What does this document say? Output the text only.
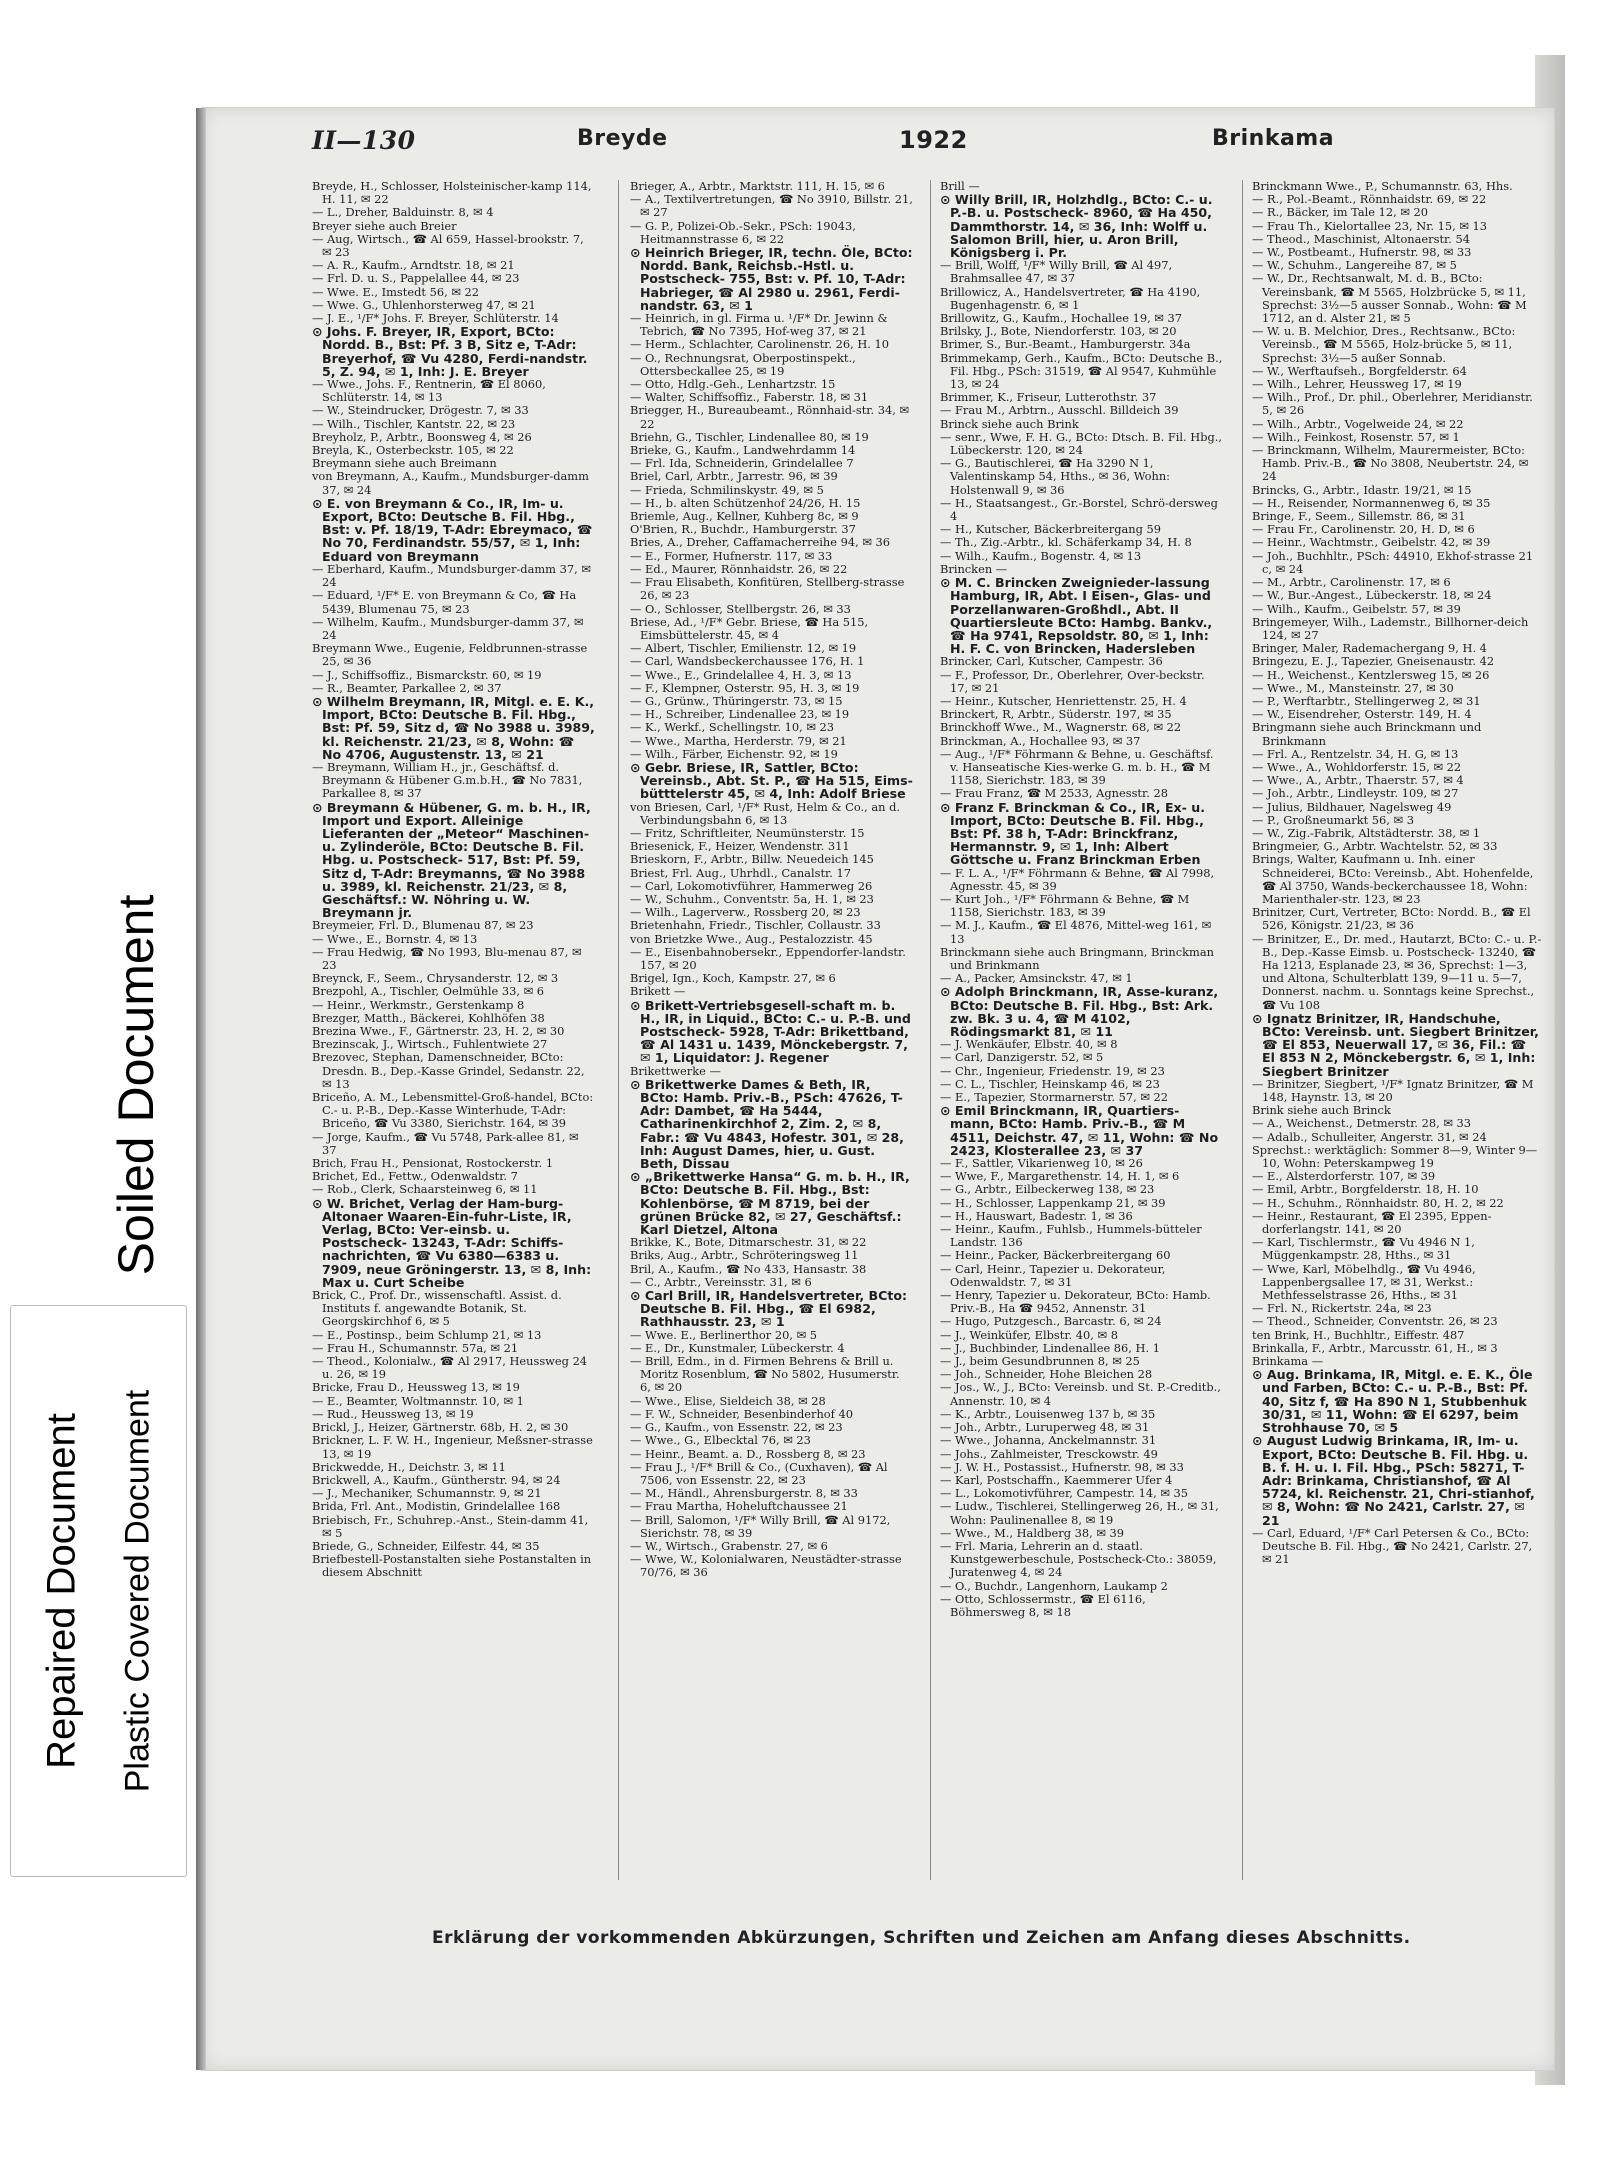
II—130	Breyde	1922	Brinkama

Breyde, H., Schlosser, Holsteinischer-kamp 114, H. 11, ✉ 22

— L., Dreher, Balduinstr. 8, ✉ 4

Breyer siehe auch Breier

— Aug, Wirtsch., ☎ Al 659, Hassel-brookstr. 7, ✉ 23

— A. R., Kaufm., Arndtstr. 18, ✉ 21

— Frl. D. u. S., Pappelallee 44, ✉ 23

— Wwe. E., Imstedt 56, ✉ 22

— Wwe. G., Uhlenhorsterweg 47, ✉ 21

— J. E., ¹/F* Johs. F. Breyer, Schlüterstr. 14

⊙ Johs. F. Breyer, IR, Export, BCto: Nordd. B., Bst: Pf. 3 B, Sitz e, T-Adr: Breyerhof, ☎ Vu 4280, Ferdi-nandstr. 5, Z. 94, ✉ 1, Inh: J. E. Breyer

— Wwe., Johs. F., Rentnerin, ☎ El 8060, Schlüterstr. 14, ✉ 13

— W., Steindrucker, Drögestr. 7, ✉ 33

— Wilh., Tischler, Kantstr. 22, ✉ 23

Breyholz, P., Arbtr., Boonsweg 4, ✉ 26

Breyla, K., Osterbeckstr. 105, ✉ 22

Breymann siehe auch Breimann

von Breymann, A., Kaufm., Mundsburger-damm 37, ✉ 24

⊙ E. von Breymann & Co., IR, Im- u. Export, BCto: Deutsche B. Fil. Hbg., Bst: v. Pf. 18/19, T-Adr: Ebreymaco, ☎ No 70, Ferdinandstr. 55/57, ✉ 1, Inh: Eduard von Breymann

— Eberhard, Kaufm., Mundsburger-damm 37, ✉ 24

— Eduard, ¹/F* E. von Breymann & Co, ☎ Ha 5439, Blumenau 75, ✉ 23

— Wilhelm, Kaufm., Mundsburger-damm 37, ✉ 24

Breymann Wwe., Eugenie, Feldbrunnen-strasse 25, ✉ 36

— J., Schiffsoffiz., Bismarckstr. 60, ✉ 19

— R., Beamter, Parkallee 2, ✉ 37

⊙ Wilhelm Breymann, IR, Mitgl. e. E. K., Import, BCto: Deutsche B. Fil. Hbg., Bst: Pf. 59, Sitz d, ☎ No 3988 u. 3989, kl. Reichenstr. 21/23, ✉ 8, Wohn: ☎ No 4706, Augustenstr. 13, ✉ 21

— Breymann, William H., jr., Geschäftsf. d. Breymann & Hübener G.m.b.H., ☎ No 7831, Parkallee 8, ✉ 37

⊙ Breymann & Hübener, G. m. b. H., IR, Import und Export. Alleinige Lieferanten der „Meteor“ Maschinen- u. Zylinderöle, BCto: Deutsche B. Fil. Hbg. u. Postscheck- 517, Bst: Pf. 59, Sitz d, T-Adr: Breymanns, ☎ No 3988 u. 3989, kl. Reichenstr. 21/23, ✉ 8, Geschäftsf.: W. Nöhring u. W. Breymann jr.

Breymeier, Frl. D., Blumenau 87, ✉ 23

— Wwe., E., Bornstr. 4, ✉ 13

— Frau Hedwig, ☎ No 1993, Blu-menau 87, ✉ 23

Breynck, F., Seem., Chrysanderstr. 12, ✉ 3

Brezpohl, A., Tischler, Oelmühle 33, ✉ 6

— Heinr., Werkmstr., Gerstenkamp 8

Brezger, Matth., Bäckerei, Kohlhöfen 38

Brezina Wwe., F., Gärtnerstr. 23, H. 2, ✉ 30

Brezinscak, J., Wirtsch., Fuhlentwiete 27

Brezovec, Stephan, Damenschneider, BCto: Dresdn. B., Dep.-Kasse Grindel, Sedanstr. 22, ✉ 13

Briceño, A. M., Lebensmittel-Groß-handel, BCto: C.- u. P.-B., Dep.-Kasse Winterhude, T-Adr: Briceño, ☎ Vu 3380, Sierichstr. 164, ✉ 39

— Jorge, Kaufm., ☎ Vu 5748, Park-allee 81, ✉ 37

Brich, Frau H., Pensionat, Rostockerstr. 1

Brichet, Ed., Fettw., Odenwaldstr. 7

— Rob., Clerk, Schaarsteinweg 6, ✉ 11

⊙ W. Brichet, Verlag der Ham-burg-Altonaer Waaren-Ein-fuhr-Liste, IR, Verlag, BCto: Ver-einsb. u. Postscheck- 13243, T-Adr: Schiffs-nachrichten, ☎ Vu 6380—6383 u. 7909, neue Gröningerstr. 13, ✉ 8, Inh: Max u. Curt Scheibe

Brick, C., Prof. Dr., wissenschaftl. Assist. d. Instituts f. angewandte Botanik, St. Georgskirchhof 6, ✉ 5

— E., Postinsp., beim Schlump 21, ✉ 13

— Frau H., Schumannstr. 57a, ✉ 21

— Theod., Kolonialw., ☎ Al 2917, Heussweg 24 u. 26, ✉ 19

Bricke, Frau D., Heussweg 13, ✉ 19

— E., Beamter, Woltmannstr. 10, ✉ 1

— Rud., Heussweg 13, ✉ 19

Brickl, J., Heizer, Gärtnerstr. 68b, H. 2, ✉ 30

Brickner, L. F. W. H., Ingenieur, Meßsner-strasse 13, ✉ 19

Brickwedde, H., Deichstr. 3, ✉ 11

Brickwell, A., Kaufm., Güntherstr. 94, ✉ 24

— J., Mechaniker, Schumannstr. 9, ✉ 21

Brida, Frl. Ant., Modistin, Grindelallee 168

Briebisch, Fr., Schuhrep.-Anst., Stein-damm 41, ✉ 5

Briede, G., Schneider, Eilfestr. 44, ✉ 35

Briefbestell-Postanstalten siehe Postanstalten in diesem Abschnitt

Brieger, A., Arbtr., Marktstr. 111, H. 15, ✉ 6

— A., Textilvertretungen, ☎ No 3910, Billstr. 21, ✉ 27

— G. P., Polizei-Ob.-Sekr., PSch: 19043, Heitmannstrasse 6, ✉ 22

⊙ Heinrich Brieger, IR, techn. Öle, BCto: Nordd. Bank, Reichsb.-Hstl. u. Postscheck- 755, Bst: v. Pf. 10, T-Adr: Habrieger, ☎ Al 2980 u. 2961, Ferdi-nandstr. 63, ✉ 1

— Heinrich, in gl. Firma u. ¹/F* Dr. Jewinn & Tebrich, ☎ No 7395, Hof-weg 37, ✉ 21

— Herm., Schlachter, Carolinenstr. 26, H. 10

— O., Rechnungsrat, Oberpostinspekt., Ottersbeckallee 25, ✉ 19

— Otto, Hdlg.-Geh., Lenhartzstr. 15

— Walter, Schiffsoffiz., Faberstr. 18, ✉ 31

Briegger, H., Bureaubeamt., Rönnhaid-str. 34, ✉ 22

Briehn, G., Tischler, Lindenallee 80, ✉ 19

Brieke, G., Kaufm., Landwehrdamm 14

— Frl. Ida, Schneiderin, Grindelallee 7

Briel, Carl, Arbtr., Jarrestr. 96, ✉ 39

— Frieda, Schmilinskystr. 49, ✉ 5

— H., b. alten Schützenhof 24/26, H. 15

Briemle, Aug., Kellner, Kuhberg 8c, ✉ 9

O'Brien, R., Buchdr., Hamburgerstr. 37

Bries, A., Dreher, Caffamacherreihe 94, ✉ 36

— E., Former, Hufnerstr. 117, ✉ 33

— Ed., Maurer, Rönnhaidstr. 26, ✉ 22

— Frau Elisabeth, Konfitüren, Stellberg-strasse 26, ✉ 23

— O., Schlosser, Stellbergstr. 26, ✉ 33

Briese, Ad., ¹/F* Gebr. Briese, ☎ Ha 515, Eimsbüttelerstr. 45, ✉ 4

— Albert, Tischler, Emilienstr. 12, ✉ 19

— Carl, Wandsbeckerchaussee 176, H. 1

— Wwe., E., Grindelallee 4, H. 3, ✉ 13

— F., Klempner, Osterstr. 95, H. 3, ✉ 19

— G., Grünw., Thüringerstr. 73, ✉ 15

— H., Schreiber, Lindenallee 23, ✉ 19

— K., Werkf., Schellingstr. 10, ✉ 23

— Wwe., Martha, Herderstr. 79, ✉ 21

— Wilh., Färber, Eichenstr. 92, ✉ 19

⊙ Gebr. Briese, IR, Sattler, BCto: Vereinsb., Abt. St. P., ☎ Ha 515, Eims-bütttelerstr 45, ✉ 4, Inh: Adolf Briese

von Briesen, Carl, ¹/F* Rust, Helm & Co., an d. Verbindungsbahn 6, ✉ 13

— Fritz, Schriftleiter, Neumünsterstr. 15

Briesenick, F., Heizer, Wendenstr. 311

Brieskorn, F., Arbtr., Billw. Neuedeich 145

Briest, Frl. Aug., Uhrhdl., Canalstr. 17

— Carl, Lokomotivführer, Hammerweg 26

— W., Schuhm., Conventstr. 5a, H. 1, ✉ 23

— Wilh., Lagerverw., Rossberg 20, ✉ 23

Brietenhahn, Friedr., Tischler, Collaustr. 33

von Brietzke Wwe., Aug., Pestalozzistr. 45

— E., Eisenbahnobersekr., Eppendorfer-landstr. 157, ✉ 20

Brigel, Ign., Koch, Kampstr. 27, ✉ 6

Brikett —

⊙ Brikett-Vertriebsgesell-schaft m. b. H., IR, in Liquid., BCto: C.- u. P.-B. und Postscheck- 5928, T-Adr: Brikettband, ☎ Al 1431 u. 1439, Mönckebergstr. 7, ✉ 1, Liquidator: J. Regener

Brikettwerke —

⊙ Brikettwerke Dames & Beth, IR, BCto: Hamb. Priv.-B., PSch: 47626, T-Adr: Dambet, ☎ Ha 5444, Catharinenkirchhof 2, Zim. 2, ✉ 8, Fabr.: ☎ Vu 4843, Hofestr. 301, ✉ 28, Inh: August Dames, hier, u. Gust. Beth, Dissau

⊙ „Brikettwerke Hansa“ G. m. b. H., IR, BCto: Deutsche B. Fil. Hbg., Bst: Kohlenbörse, ☎ M 8719, bei der grünen Brücke 82, ✉ 27, Geschäftsf.: Karl Dietzel, Altona

Brikke, K., Bote, Ditmarschestr. 31, ✉ 22

Briks, Aug., Arbtr., Schröteringsweg 11

Bril, A., Kaufm., ☎ No 433, Hansastr. 38

— C., Arbtr., Vereinsstr. 31, ✉ 6

⊙ Carl Brill, IR, Handelsvertreter, BCto: Deutsche B. Fil. Hbg., ☎ El 6982, Rathhausstr. 23, ✉ 1

— Wwe. E., Berlinerthor 20, ✉ 5

— E., Dr., Kunstmaler, Lübeckerstr. 4

— Brill, Edm., in d. Firmen Behrens & Brill u. Moritz Rosenblum, ☎ No 5802, Husumerstr. 6, ✉ 20

— Wwe., Elise, Sieldeich 38, ✉ 28

— F. W., Schneider, Besenbinderhof 40

— G., Kaufm., von Essenstr. 22, ✉ 23

— Wwe., G., Elbecktal 76, ✉ 23

— Heinr., Beamt. a. D., Rossberg 8, ✉ 23

— Frau J., ¹/F* Brill & Co., (Cuxhaven), ☎ Al 7506, von Essenstr. 22, ✉ 23

— M., Händl., Ahrensburgerstr. 8, ✉ 33

— Frau Martha, Hoheluftchaussee 21

— Brill, Salomon, ¹/F* Willy Brill, ☎ Al 9172, Sierichstr. 78, ✉ 39

— W., Wirtsch., Grabenstr. 27, ✉ 6

— Wwe, W., Kolonialwaren, Neustädter-strasse 70/76, ✉ 36

Brill —

⊙ Willy Brill, IR, Holzhdlg., BCto: C.- u. P.-B. u. Postscheck- 8960, ☎ Ha 450, Dammthorstr. 14, ✉ 36, Inh: Wolff u. Salomon Brill, hier, u. Aron Brill, Königsberg i. Pr.

— Brill, Wolff, ¹/F* Willy Brill, ☎ Al 497, Brahmsallee 47, ✉ 37

Brillowicz, A., Handelsvertreter, ☎ Ha 4190, Bugenhagenstr. 6, ✉ 1

Brillowitz, G., Kaufm., Hochallee 19, ✉ 37

Brilsky, J., Bote, Niendorferstr. 103, ✉ 20

Brimer, S., Bur.-Beamt., Hamburgerstr. 34a

Brimmekamp, Gerh., Kaufm., BCto: Deutsche B., Fil. Hbg., PSch: 31519, ☎ Al 9547, Kuhmühle 13, ✉ 24

Brimmer, K., Friseur, Lutterothstr. 37

— Frau M., Arbtrn., Ausschl. Billdeich 39

Brinck siehe auch Brink

— senr., Wwe, F. H. G., BCto: Dtsch. B. Fil. Hbg., Lübeckerstr. 120, ✉ 24

— G., Bautischlerei, ☎ Ha 3290 N 1, Valentinskamp 54, Hths., ✉ 36, Wohn: Holstenwall 9, ✉ 36

— H., Staatsangest., Gr.-Borstel, Schrö-dersweg 4

— H., Kutscher, Bäckerbreitergang 59

— Th., Zig.-Arbtr., kl. Schäferkamp 34, H. 8

— Wilh., Kaufm., Bogenstr. 4, ✉ 13

Brincken —

⊙ M. C. Brincken Zweignieder-lassung Hamburg, IR, Abt. I Eisen-, Glas- und Porzellanwaren-Großhdl., Abt. II Quartiersleute BCto: Hambg. Bankv., ☎ Ha 9741, Repsoldstr. 80, ✉ 1, Inh: H. F. C. von Brincken, Hadersleben

Brincker, Carl, Kutscher, Campestr. 36

— F., Professor, Dr., Oberlehrer, Over-beckstr. 17, ✉ 21

— Heinr., Kutscher, Henriettenstr. 25, H. 4

Brinckert, R, Arbtr., Süderstr. 197, ✉ 35

Brinckhoff Wwe., M., Wagnerstr. 68, ✉ 22

Brinckman, A., Hochallee 93, ✉ 37

— Aug., ¹/F* Föhrmann & Behne, u. Geschäftsf. v. Hanseatische Kies-werke G. m. b. H., ☎ M 1158, Sierichstr. 183, ✉ 39

— Frau Franz, ☎ M 2533, Agnesstr. 28

⊙ Franz F. Brinckman & Co., IR, Ex- u. Import, BCto: Deutsche B. Fil. Hbg., Bst: Pf. 38 h, T-Adr: Brinckfranz, Hermannstr. 9, ✉ 1, Inh: Albert Göttsche u. Franz Brinckman Erben

— F. L. A., ¹/F* Föhrmann & Behne, ☎ Al 7998, Agnesstr. 45, ✉ 39

— Kurt Joh., ¹/F* Föhrmann & Behne, ☎ M 1158, Sierichstr. 183, ✉ 39

— M. J., Kaufm., ☎ El 4876, Mittel-weg 161, ✉ 13

Brinckmann siehe auch Bringmann, Brinckman und Brinkmann

— A., Packer, Amsinckstr. 47, ✉ 1

⊙ Adolph Brinckmann, IR, Asse-kuranz, BCto: Deutsche B. Fil. Hbg., Bst: Ark. zw. Bk. 3 u. 4, ☎ M 4102, Rödingsmarkt 81, ✉ 11

— J. Wenkäufer, Elbstr. 40, ✉ 8

— Carl, Danzigerstr. 52, ✉ 5

— Chr., Ingenieur, Friedenstr. 19, ✉ 23

— C. L., Tischler, Heinskamp 46, ✉ 23

— E., Tapezier, Stormarnerstr. 57, ✉ 22

⊙ Emil Brinckmann, IR, Quartiers-mann, BCto: Hamb. Priv.-B., ☎ M 4511, Deichstr. 47, ✉ 11, Wohn: ☎ No 2423, Klosterallee 23, ✉ 37

— F., Sattler, Vikarienweg 10, ✉ 26

— Wwe, F., Margarethenstr. 14, H. 1, ✉ 6

— G., Arbtr., Eilbeckerweg 138, ✉ 23

— H., Schlosser, Lappenkamp 21, ✉ 39

— H., Hauswart, Badestr. 1, ✉ 36

— Heinr., Kaufm., Fuhlsb., Hummels-bütteler Landstr. 136

— Heinr., Packer, Bäckerbreitergang 60

— Carl, Heinr., Tapezier u. Dekorateur, Odenwaldstr. 7, ✉ 31

— Henry, Tapezier u. Dekorateur, BCto: Hamb. Priv.-B., Ha ☎ 9452, Annenstr. 31

— Hugo, Putzgesch., Barcastr. 6, ✉ 24

— J., Weinküfer, Elbstr. 40, ✉ 8

— J., Buchbinder, Lindenallee 86, H. 1

— J., beim Gesundbrunnen 8, ✉ 25

— Joh., Schneider, Hohe Bleichen 28

— Jos., W., J., BCto: Vereinsb. und St. P.-Creditb., Annenstr. 10, ✉ 4

— K., Arbtr., Louisenweg 137 b, ✉ 35

— Joh., Arbtr., Luruperweg 48, ✉ 31

— Wwe., Johanna, Anckelmannstr. 31

— Johs., Zahlmeister, Tresckowstr. 49

— J. W. H., Postassist., Hufnerstr. 98, ✉ 33

— Karl, Postschaffn., Kaemmerer Ufer 4

— L., Lokomotivführer, Campestr. 14, ✉ 35

— Ludw., Tischlerei, Stellingerweg 26, H., ✉ 31, Wohn: Paulinenallee 8, ✉ 19

— Wwe., M., Haldberg 38, ✉ 39

— Frl. Maria, Lehrerin an d. staatl. Kunstgewerbeschule, Postscheck-Cto.: 38059, Juratenweg 4, ✉ 24

— O., Buchdr., Langenhorn, Laukamp 2

— Otto, Schlossermstr., ☎ El 6116, Böhmersweg 8, ✉ 18

Brinckmann Wwe., P., Schumannstr. 63, Hhs.

— R., Pol.-Beamt., Rönnhaidstr. 69, ✉ 22

— R., Bäcker, im Tale 12, ✉ 20

— Frau Th., Kielortallee 23, Nr. 15, ✉ 13

— Theod., Maschinist, Altonaerstr. 54

— W., Postbeamt., Hufnerstr. 98, ✉ 33

— W., Schuhm., Langereihe 87, ✉ 5

— W., Dr., Rechtsanwalt, M. d. B., BCto: Vereinsbank, ☎ M 5565, Holzbrücke 5, ✉ 11, Sprechst: 3½—5 ausser Sonnab., Wohn: ☎ M 1712, an d. Alster 21, ✉ 5

— W. u. B. Melchior, Dres., Rechtsanw., BCto: Vereinsb., ☎ M 5565, Holz-brücke 5, ✉ 11, Sprechst: 3½—5 außer Sonnab.

— W., Werftaufseh., Borgfelderstr. 64

— Wilh., Lehrer, Heussweg 17, ✉ 19

— Wilh., Prof., Dr. phil., Oberlehrer, Meridianstr. 5, ✉ 26

— Wilh., Arbtr., Vogelweide 24, ✉ 22

— Wilh., Feinkost, Rosenstr. 57, ✉ 1

— Brinckmann, Wilhelm, Maurermeister, BCto: Hamb. Priv.-B., ☎ No 3808, Neubertstr. 24, ✉ 24

Brincks, G., Arbtr., Idastr. 19/21, ✉ 15

— H., Reisender, Normannenweg 6, ✉ 35

Bringe, F., Seem., Sillemstr. 86, ✉ 31

— Frau Fr., Carolinenstr. 20, H. D, ✉ 6

— Heinr., Wachtmstr., Geibelstr. 42, ✉ 39

— Joh., Buchhltr., PSch: 44910, Ekhof-strasse 21 c, ✉ 24

— M., Arbtr., Carolinenstr. 17, ✉ 6

— W., Bur.-Angest., Lübeckerstr. 18, ✉ 24

— Wilh., Kaufm., Geibelstr. 57, ✉ 39

Bringemeyer, Wilh., Lademstr., Billhorner-deich 124, ✉ 27

Bringer, Maler, Rademachergang 9, H. 4

Bringezu, E. J., Tapezier, Gneisenaustr. 42

— H., Weichenst., Kentzlersweg 15, ✉ 26

— Wwe., M., Mansteinstr. 27, ✉ 30

— P., Werftarbtr., Stellingerweg 2, ✉ 31

— W., Eisendreher, Osterstr. 149, H. 4

Bringmann siehe auch Brinckmann und Brinkmann

— Frl. A., Rentzelstr. 34, H. G, ✉ 13

— Wwe., A., Wohldorferstr. 15, ✉ 22

— Wwe., A., Arbtr., Thaerstr. 57, ✉ 4

— Joh., Arbtr., Lindleystr. 109, ✉ 27

— Julius, Bildhauer, Nagelsweg 49

— P., Großneumarkt 56, ✉ 3

— W., Zig.-Fabrik, Altstädterstr. 38, ✉ 1

Bringmeier, G., Arbtr. Wachtelstr. 52, ✉ 33

Brings, Walter, Kaufmann u. Inh. einer Schneiderei, BCto: Vereinsb., Abt. Hohenfelde, ☎ Al 3750, Wands-beckerchaussee 18, Wohn: Marienthaler-str. 123, ✉ 23

Brinitzer, Curt, Vertreter, BCto: Nordd. B., ☎ El 526, Königstr. 21/23, ✉ 36

— Brinitzer, E., Dr. med., Hautarzt, BCto: C.- u. P.-B., Dep.-Kasse Eimsb. u. Postscheck- 13240, ☎ Ha 1213, Esplanade 23, ✉ 36, Sprechst: 1—3, und Altona, Schulterblatt 139, 9—11 u. 5—7, Donnerst. nachm. u. Sonntags keine Sprechst., ☎ Vu 108

⊙ Ignatz Brinitzer, IR, Handschuhe, BCto: Vereinsb. unt. Siegbert Brinitzer, ☎ El 853, Neuerwall 17, ✉ 36, Fil.: ☎ El 853 N 2, Mönckebergstr. 6, ✉ 1, Inh: Siegbert Brinitzer

— Brinitzer, Siegbert, ¹/F* Ignatz Brinitzer, ☎ M 148, Haynstr. 13, ✉ 20

Brink siehe auch Brinck

— A., Weichenst., Detmerstr. 28, ✉ 33

— Adalb., Schulleiter, Angerstr. 31, ✉ 24

Sprechst.: werktäglich: Sommer 8—9, Winter 9—10, Wohn: Peterskampweg 19

— E., Alsterdorferstr. 107, ✉ 39

— Emil, Arbtr., Borgfelderstr. 18, H. 10

— H., Schuhm., Rönnhaidstr. 80, H. 2, ✉ 22

— Heinr., Restaurant, ☎ El 2395, Eppen-dorferlangstr. 141, ✉ 20

— Karl, Tischlermstr., ☎ Vu 4946 N 1, Müggenkampstr. 28, Hths., ✉ 31

— Wwe, Karl, Möbelhdlg., ☎ Vu 4946, Lappenbergsallee 17, ✉ 31, Werkst.: Methfesselstrasse 26, Hths., ✉ 31

— Frl. N., Rickertstr. 24a, ✉ 23

— Theod., Schneider, Conventstr. 26, ✉ 23

ten Brink, H., Buchhltr., Eiffestr. 487

Brinkalla, F., Arbtr., Marcusstr. 61, H., ✉ 3

Brinkama —

⊙ Aug. Brinkama, IR, Mitgl. e. E. K., Öle und Farben, BCto: C.- u. P.-B., Bst: Pf. 40, Sitz f, ☎ Ha 890 N 1, Stubbenhuk 30/31, ✉ 11, Wohn: ☎ El 6297, beim Strohhause 70, ✉ 5

⊙ August Ludwig Brinkama, IR, Im- u. Export, BCto: Deutsche B. Fil. Hbg. u. B. f. H. u. I. Fil. Hbg., PSch: 58271, T-Adr: Brinkama, Christianshof, ☎ Al 5724, kl. Reichenstr. 21, Chri-stianhof, ✉ 8, Wohn: ☎ No 2421, Carlstr. 27, ✉ 21

— Carl, Eduard, ¹/F* Carl Petersen & Co., BCto: Deutsche B. Fil. Hbg., ☎ No 2421, Carlstr. 27, ✉ 21

Erklärung der vorkommenden Abkürzungen, Schriften und Zeichen am Anfang dieses Abschnitts.
Soiled Document
Repaired Document Plastic Covered Document
